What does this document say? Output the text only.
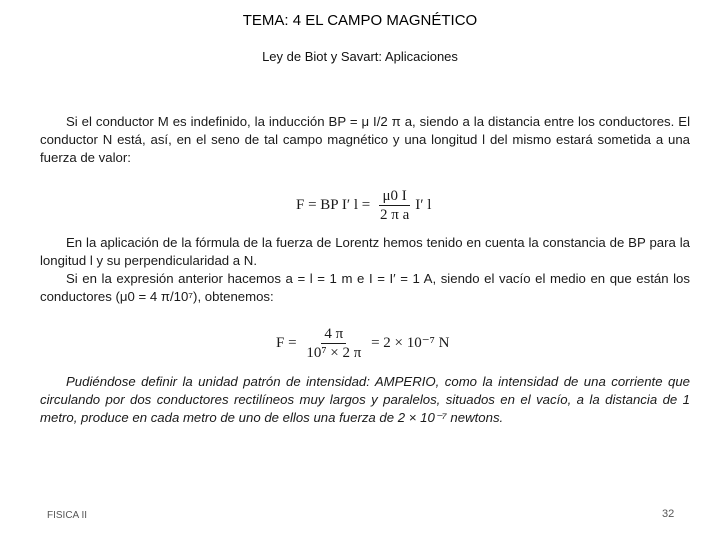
TEMA: 4 EL CAMPO MAGNÉTICO
Ley de Biot y Savart: Aplicaciones

Si el conductor M es indefinido, la inducción BP = μ I/2 π a, siendo a la distancia entre los conductores. El conductor N está, así, en el seno de tal campo magnético y una longitud l del mismo estará sometida a una fuerza de valor:

F = BP I′ $l = \frac{\mu 0 I}{\text{2 π a}} I'$ l

En la aplicación de la fórmula de la fuerza de Lorentz hemos tenido en cuenta la constancia de BP para la longitud l y su perpendicularidad a N.

Si en la expresión anterior hacemos a = l = 1 m e I = I′ = 1 A, siendo el vacío el medio en que están los conductores (μ0 = 4 π/10⁷), obtenemos:

$F = \frac{4 \pi}{\text{10⁷ × 2 π}} = 2 \times 10^{-7}$ N

Pudiéndose definir la unidad patrón de intensidad: AMPERIO, como la intensidad de una corriente que circulando por dos conductores rectilíneos muy largos y paralelos, situados en el vacío, a la distancia de 1 metro, produce en cada metro de uno de ellos una fuerza de 2 × 10⁻⁷ newtons.

FISICA II	32
